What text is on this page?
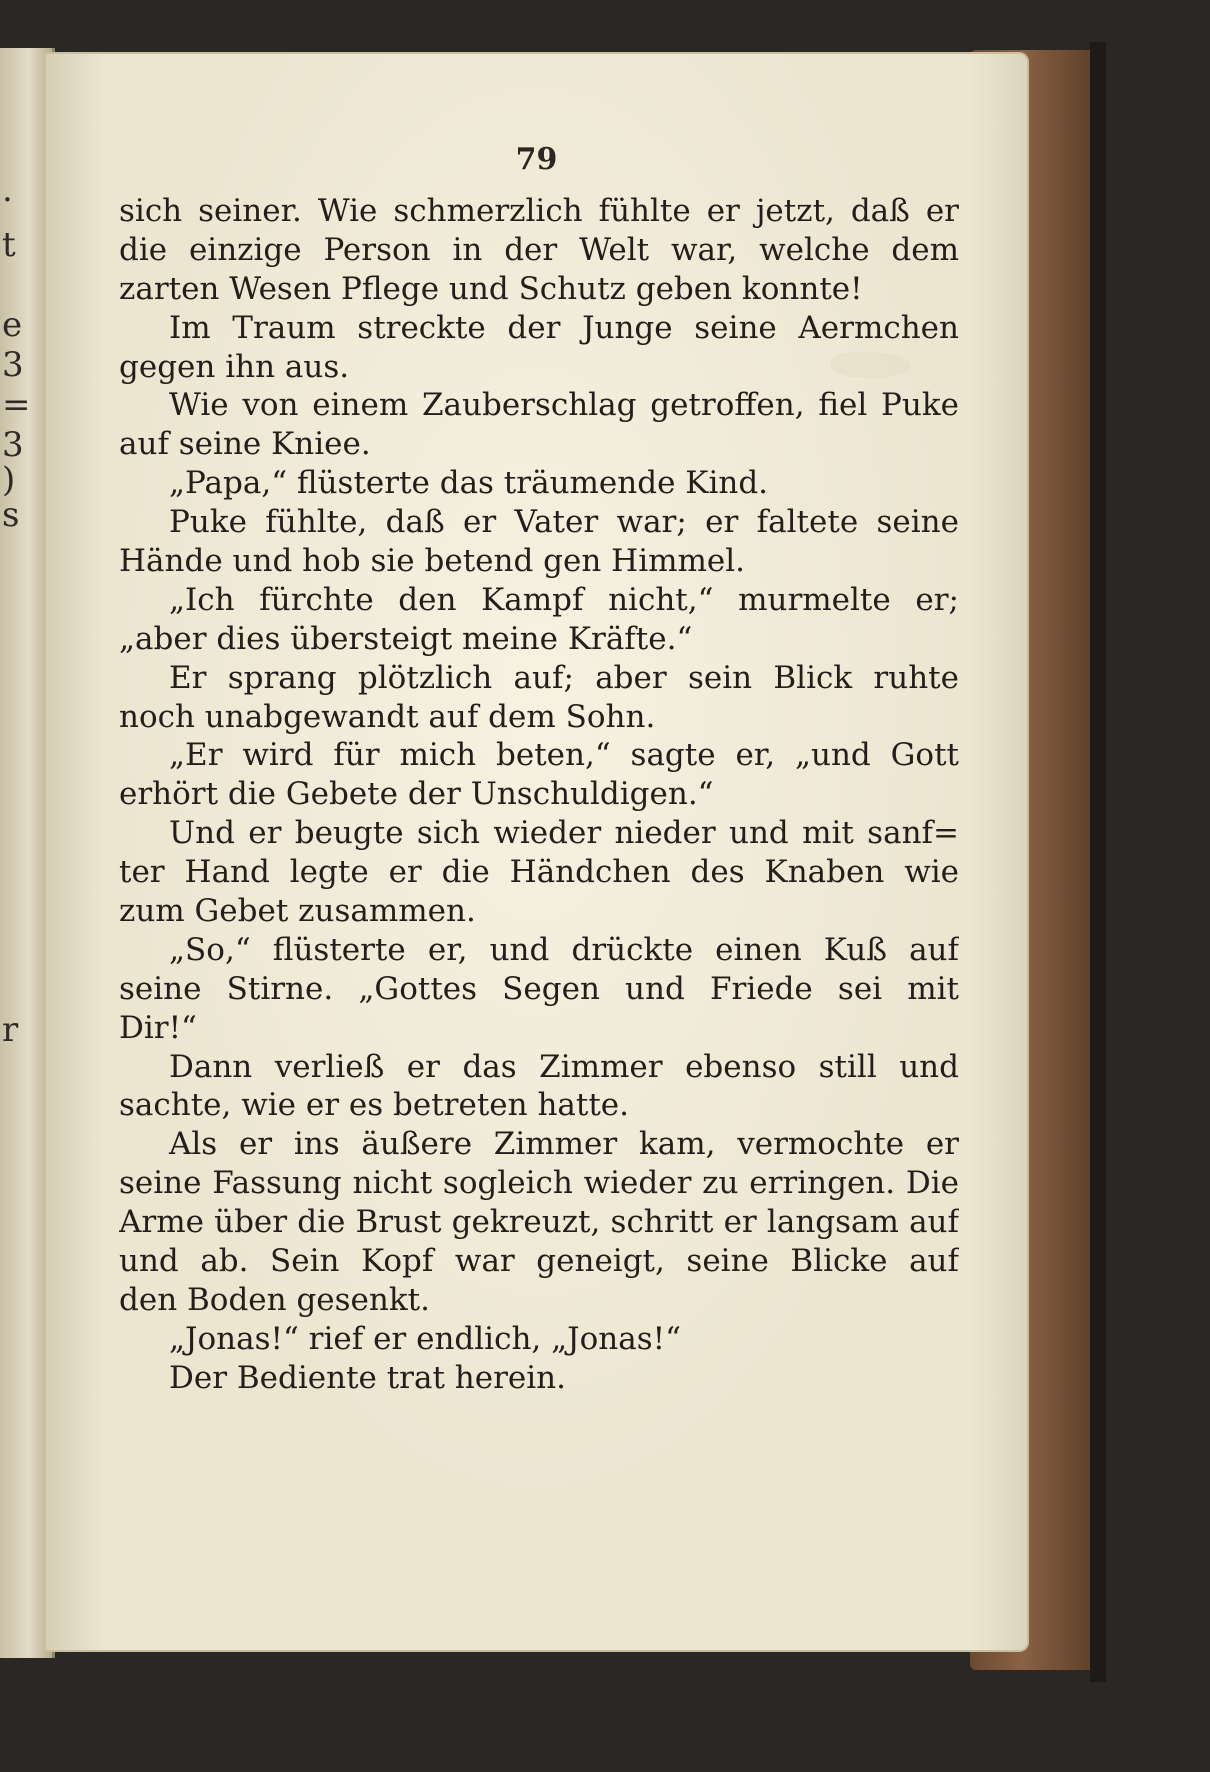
.
t
e
3
=
3
)
s
r
79
sich seiner. Wie schmerzlich fühlte er jetzt, daß er
die einzige Person in der Welt war, welche dem
zarten Wesen Pflege und Schutz geben konnte!
Im Traum streckte der Junge seine Aermchen
gegen ihn aus.
Wie von einem Zauberschlag getroffen, fiel Puke
auf seine Kniee.
„Papa,“ flüsterte das träumende Kind.
Puke fühlte, daß er Vater war; er faltete seine
Hände und hob sie betend gen Himmel.
„Ich fürchte den Kampf nicht,“ murmelte er;
„aber dies übersteigt meine Kräfte.“
Er sprang plötzlich auf; aber sein Blick ruhte
noch unabgewandt auf dem Sohn.
„Er wird für mich beten,“ sagte er, „und Gott
erhört die Gebete der Unschuldigen.“
Und er beugte sich wieder nieder und mit sanf=
ter Hand legte er die Händchen des Knaben wie
zum Gebet zusammen.
„So,“ flüsterte er, und drückte einen Kuß auf
seine Stirne. „Gottes Segen und Friede sei mit
Dir!“
Dann verließ er das Zimmer ebenso still und
sachte, wie er es betreten hatte.
Als er ins äußere Zimmer kam, vermochte er
seine Fassung nicht sogleich wieder zu erringen. Die
Arme über die Brust gekreuzt, schritt er langsam auf
und ab. Sein Kopf war geneigt, seine Blicke auf
den Boden gesenkt.
„Jonas!“ rief er endlich, „Jonas!“
Der Bediente trat herein.
